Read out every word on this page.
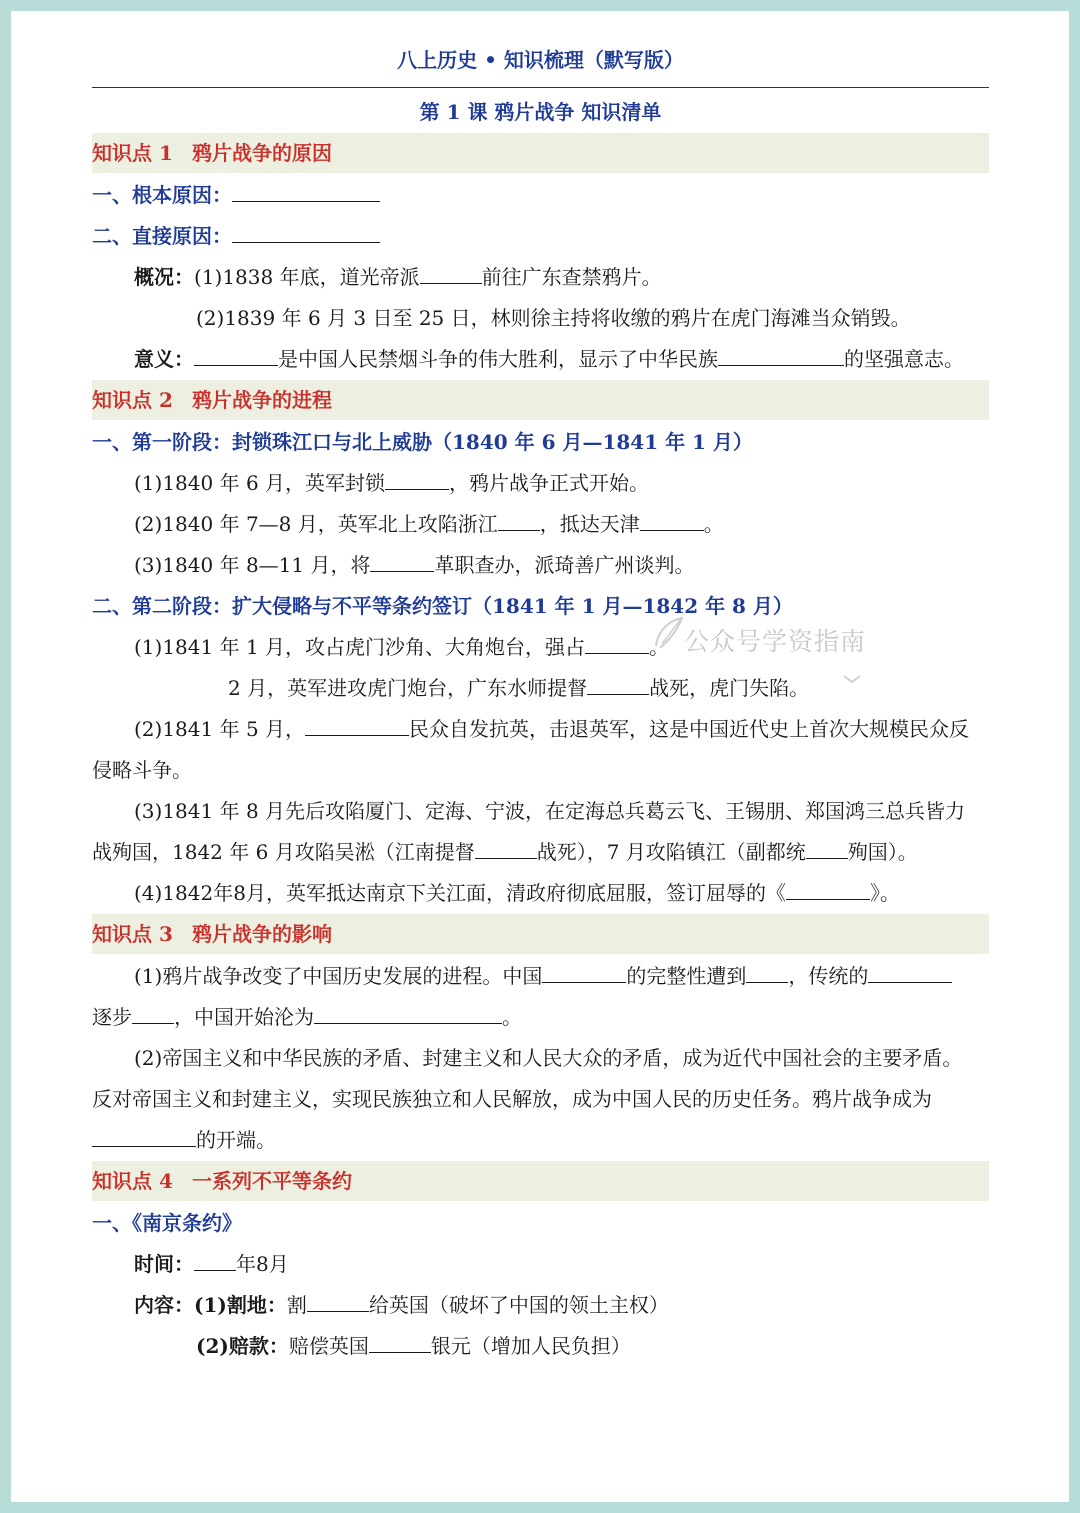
八上历史 • 知识梳理（默写版）
第 1 课 鸦片战争 知识清单
知识点 1 鸦片战争的原因
一、根本原因：
二、直接原因：
概况：(1)1838 年底，道光帝派	前往广东查禁鸦片。
(2)1839 年 6 月 3 日至 25 日，林则徐主持将收缴的鸦片在虎门海滩当众销毁。
意义：	是中国人民禁烟斗争的伟大胜利，显示了中华民族	的坚强意志。
知识点 2 鸦片战争的进程
一、第一阶段：封锁珠江口与北上威胁（1840 年 6 月—1841 年 1 月）
(1)1840 年 6 月，英军封锁	，鸦片战争正式开始。
(2)1840 年 7—8 月，英军北上攻陷浙江 ，抵达天津	。
(3)1840 年 8—11 月，将	革职查办，派琦善广州谈判。
二、第二阶段：扩大侵略与不平等条约签订（1841 年 1 月—1842 年 8 月）
(1)1841 年 1 月，攻占虎门沙角、大角炮台，强占	。
2 月，英军进攻虎门炮台，广东水师提督	战死，虎门失陷。
(2)1841 年 5 月，	民众自发抗英，击退英军，这是中国近代史上首次大规模民众反
侵略斗争。
(3)1841 年 8 月先后攻陷厦门、定海、宁波，在定海总兵葛云飞、王锡朋、郑国鸿三总兵皆力
战殉国，1842 年 6 月攻陷吴淞（江南提督	战死），7 月攻陷镇江（副都统 殉国）。
(4)1842年8月，英军抵达南京下关江面，清政府彻底屈服，签订屈辱的《	》。
知识点 3 鸦片战争的影响
(1)鸦片战争改变了中国历史发展的进程。中国	的完整性遭到 ，传统的
逐步 ，中国开始沦为	。
(2)帝国主义和中华民族的矛盾、封建主义和人民大众的矛盾，成为近代中国社会的主要矛盾。
反对帝国主义和封建主义，实现民族独立和人民解放，成为中国人民的历史任务。鸦片战争成为
的开端。
知识点 4 一系列不平等条约
一、《南京条约》
时间： 年8月
内容：(1)割地：割	给英国（破坏了中国的领土主权）
(2)赔款：赔偿英国	银元（增加人民负担）
公众号学资指南
